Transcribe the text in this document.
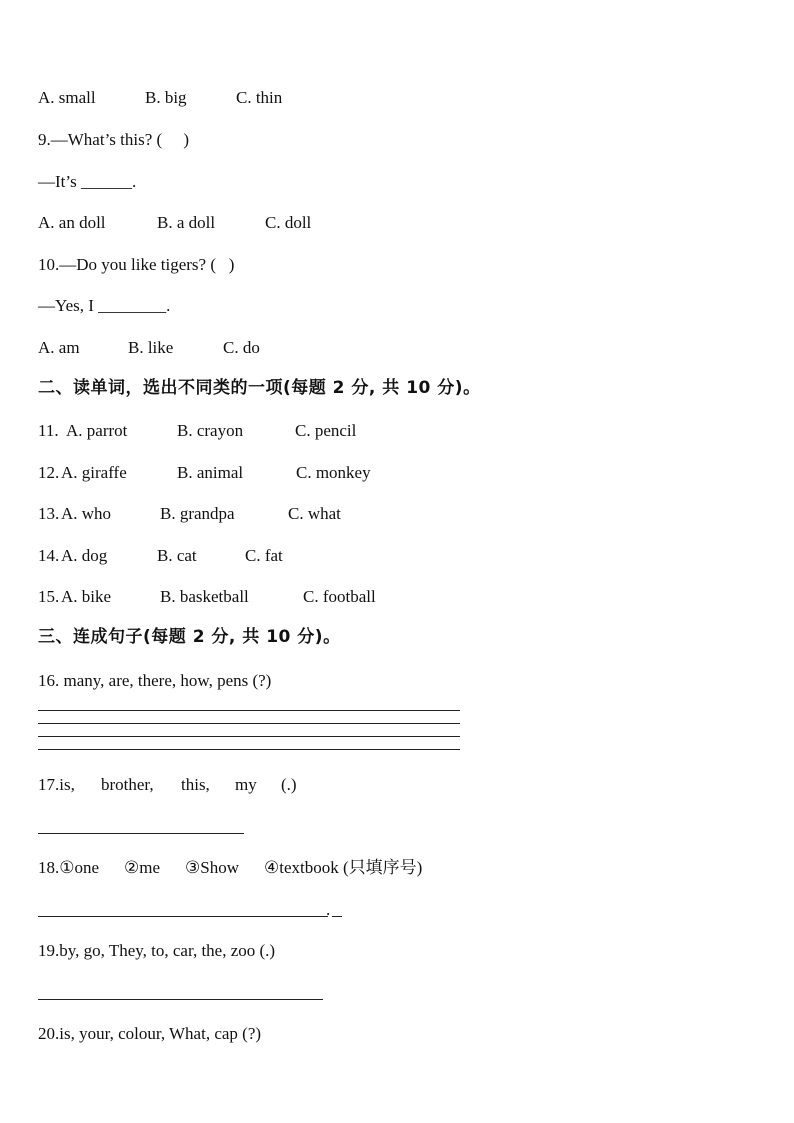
A. small

	B. big

	C. thin

9.—What’s this? (     )
—It’s ______.

A. an doll

	B. a doll

	C. doll

10.—Do you like tigers? (   )
—Yes, I ________.

A. am

	B. like

	C. do

二、读单词，选出不同类的一项(每题 2 分, 共 10 分)。

11.

A. parrot

	B. crayon

	C. pencil

12.

A. giraffe

	B. animal

	C. monkey

13.

A. who

	B. grandpa

	C. what

14.

A. dog

	B. cat

	C. fat

15.

A. bike

	B. basketball

	C. football

三、连成句子(每题 2 分, 共 10 分)。
16. many, are, there, how, pens (?)

17.is,

brother,

this,

my

(.)

18.①one

②me

③Show

④textbook (只填序号)

.
19.by, go, They, to, car, the, zoo (.)
20.is, your, colour, What, cap (?)
